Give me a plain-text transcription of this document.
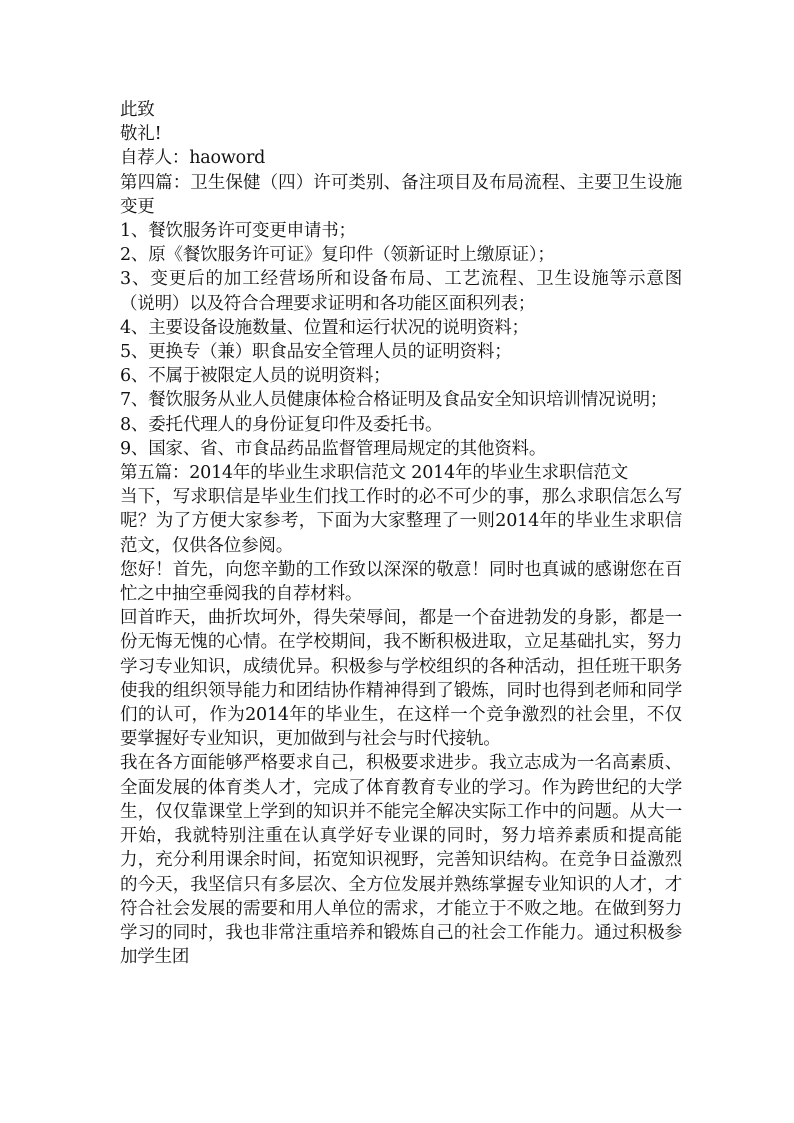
此致

敬礼!

自荐人：haoword

第四篇：卫生保健（四）许可类别、备注项目及布局流程、主要卫生设施变更

1、餐饮服务许可变更申请书；

2、原《餐饮服务许可证》复印件（领新证时上缴原证）；

3、变更后的加工经营场所和设备布局、工艺流程、卫生设施等示意图（说明）以及符合合理要求证明和各功能区面积列表；

4、主要设备设施数量、位置和运行状况的说明资料；

5、更换专（兼）职食品安全管理人员的证明资料；

6、不属于被限定人员的说明资料；

7、餐饮服务从业人员健康体检合格证明及食品安全知识培训情况说明；

8、委托代理人的身份证复印件及委托书。

9、国家、省、市食品药品监督管理局规定的其他资料。

第五篇：2014年的毕业生求职信范文 2014年的毕业生求职信范文

当下，写求职信是毕业生们找工作时的必不可少的事，那么求职信怎么写呢？为了方便大家参考，下面为大家整理了一则2014年的毕业生求职信范文，仅供各位参阅。

您好！首先，向您辛勤的工作致以深深的敬意！同时也真诚的感谢您在百忙之中抽空垂阅我的自荐材料。

回首昨天，曲折坎坷外，得失荣辱间，都是一个奋进勃发的身影，都是一份无悔无愧的心情。在学校期间，我不断积极进取，立足基础扎实，努力学习专业知识，成绩优异。积极参与学校组织的各种活动，担任班干职务使我的组织领导能力和团结协作精神得到了锻炼，同时也得到老师和同学们的认可，作为2014年的毕业生，在这样一个竞争激烈的社会里，不仅要掌握好专业知识，更加做到与社会与时代接轨。

我在各方面能够严格要求自己，积极要求进步。我立志成为一名高素质、全面发展的体育类人才，完成了体育教育专业的学习。作为跨世纪的大学生，仅仅靠课堂上学到的知识并不能完全解决实际工作中的问题。从大一开始，我就特别注重在认真学好专业课的同时，努力培养素质和提高能力，充分利用课余时间，拓宽知识视野，完善知识结构。在竞争日益激烈的今天，我坚信只有多层次、全方位发展并熟练掌握专业知识的人才，才符合社会发展的需要和用人单位的需求，才能立于不败之地。在做到努力学习的同时，我也非常注重培养和锻炼自己的社会工作能力。通过积极参加学生团
